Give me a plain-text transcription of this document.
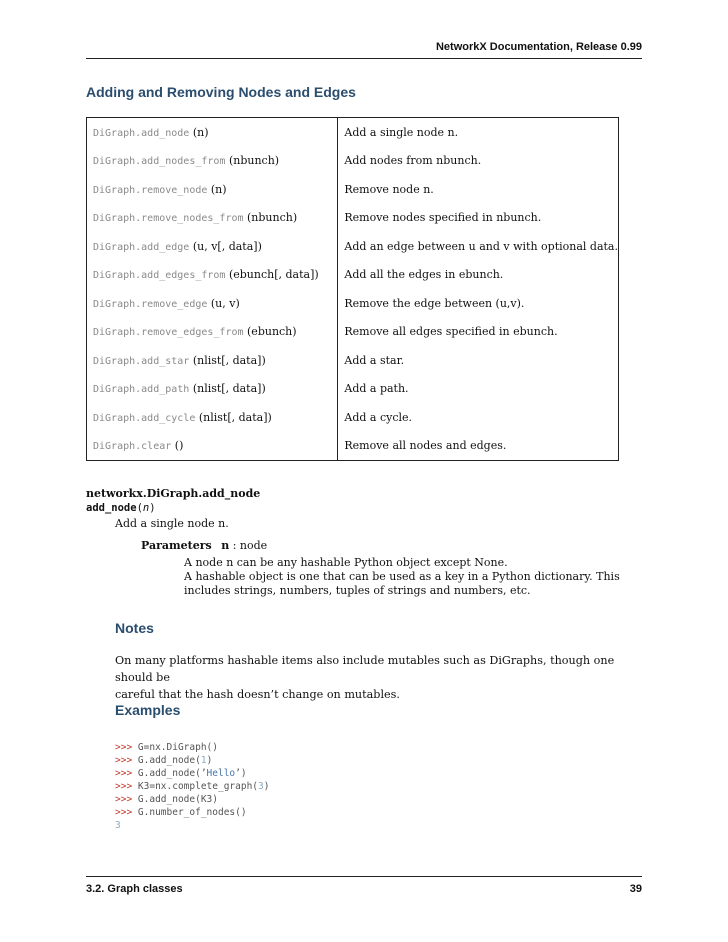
NetworkX Documentation, Release 0.99
Adding and Removing Nodes and Edges
DiGraph.add_node (n)	Add a single node n.
DiGraph.add_nodes_from (nbunch)	Add nodes from nbunch.
DiGraph.remove_node (n)	Remove node n.
DiGraph.remove_nodes_from (nbunch)	Remove nodes specified in nbunch.
DiGraph.add_edge (u, v[, data])	Add an edge between u and v with optional data.
DiGraph.add_edges_from (ebunch[, data])	Add all the edges in ebunch.
DiGraph.remove_edge (u, v)	Remove the edge between (u,v).
DiGraph.remove_edges_from (ebunch)	Remove all edges specified in ebunch.
DiGraph.add_star (nlist[, data])	Add a star.
DiGraph.add_path (nlist[, data])	Add a path.
DiGraph.add_cycle (nlist[, data])	Add a cycle.
DiGraph.clear ()	Remove all nodes and edges.
networkx.DiGraph.add_node
add_node(n)
Add a single node n.
Parameters n : node
A node n can be any hashable Python object except None.
A hashable object is one that can be used as a key in a Python dictionary. This
includes strings, numbers, tuples of strings and numbers, etc.
Notes
On many platforms hashable items also include mutables such as DiGraphs, though one should be
careful that the hash doesn’t change on mutables.
Examples
>>> G=nx.DiGraph()
>>> G.add_node(1)
>>> G.add_node(’Hello’)
>>> K3=nx.complete_graph(3)
>>> G.add_node(K3)
>>> G.number_of_nodes()
3
3.2. Graph classes	39
